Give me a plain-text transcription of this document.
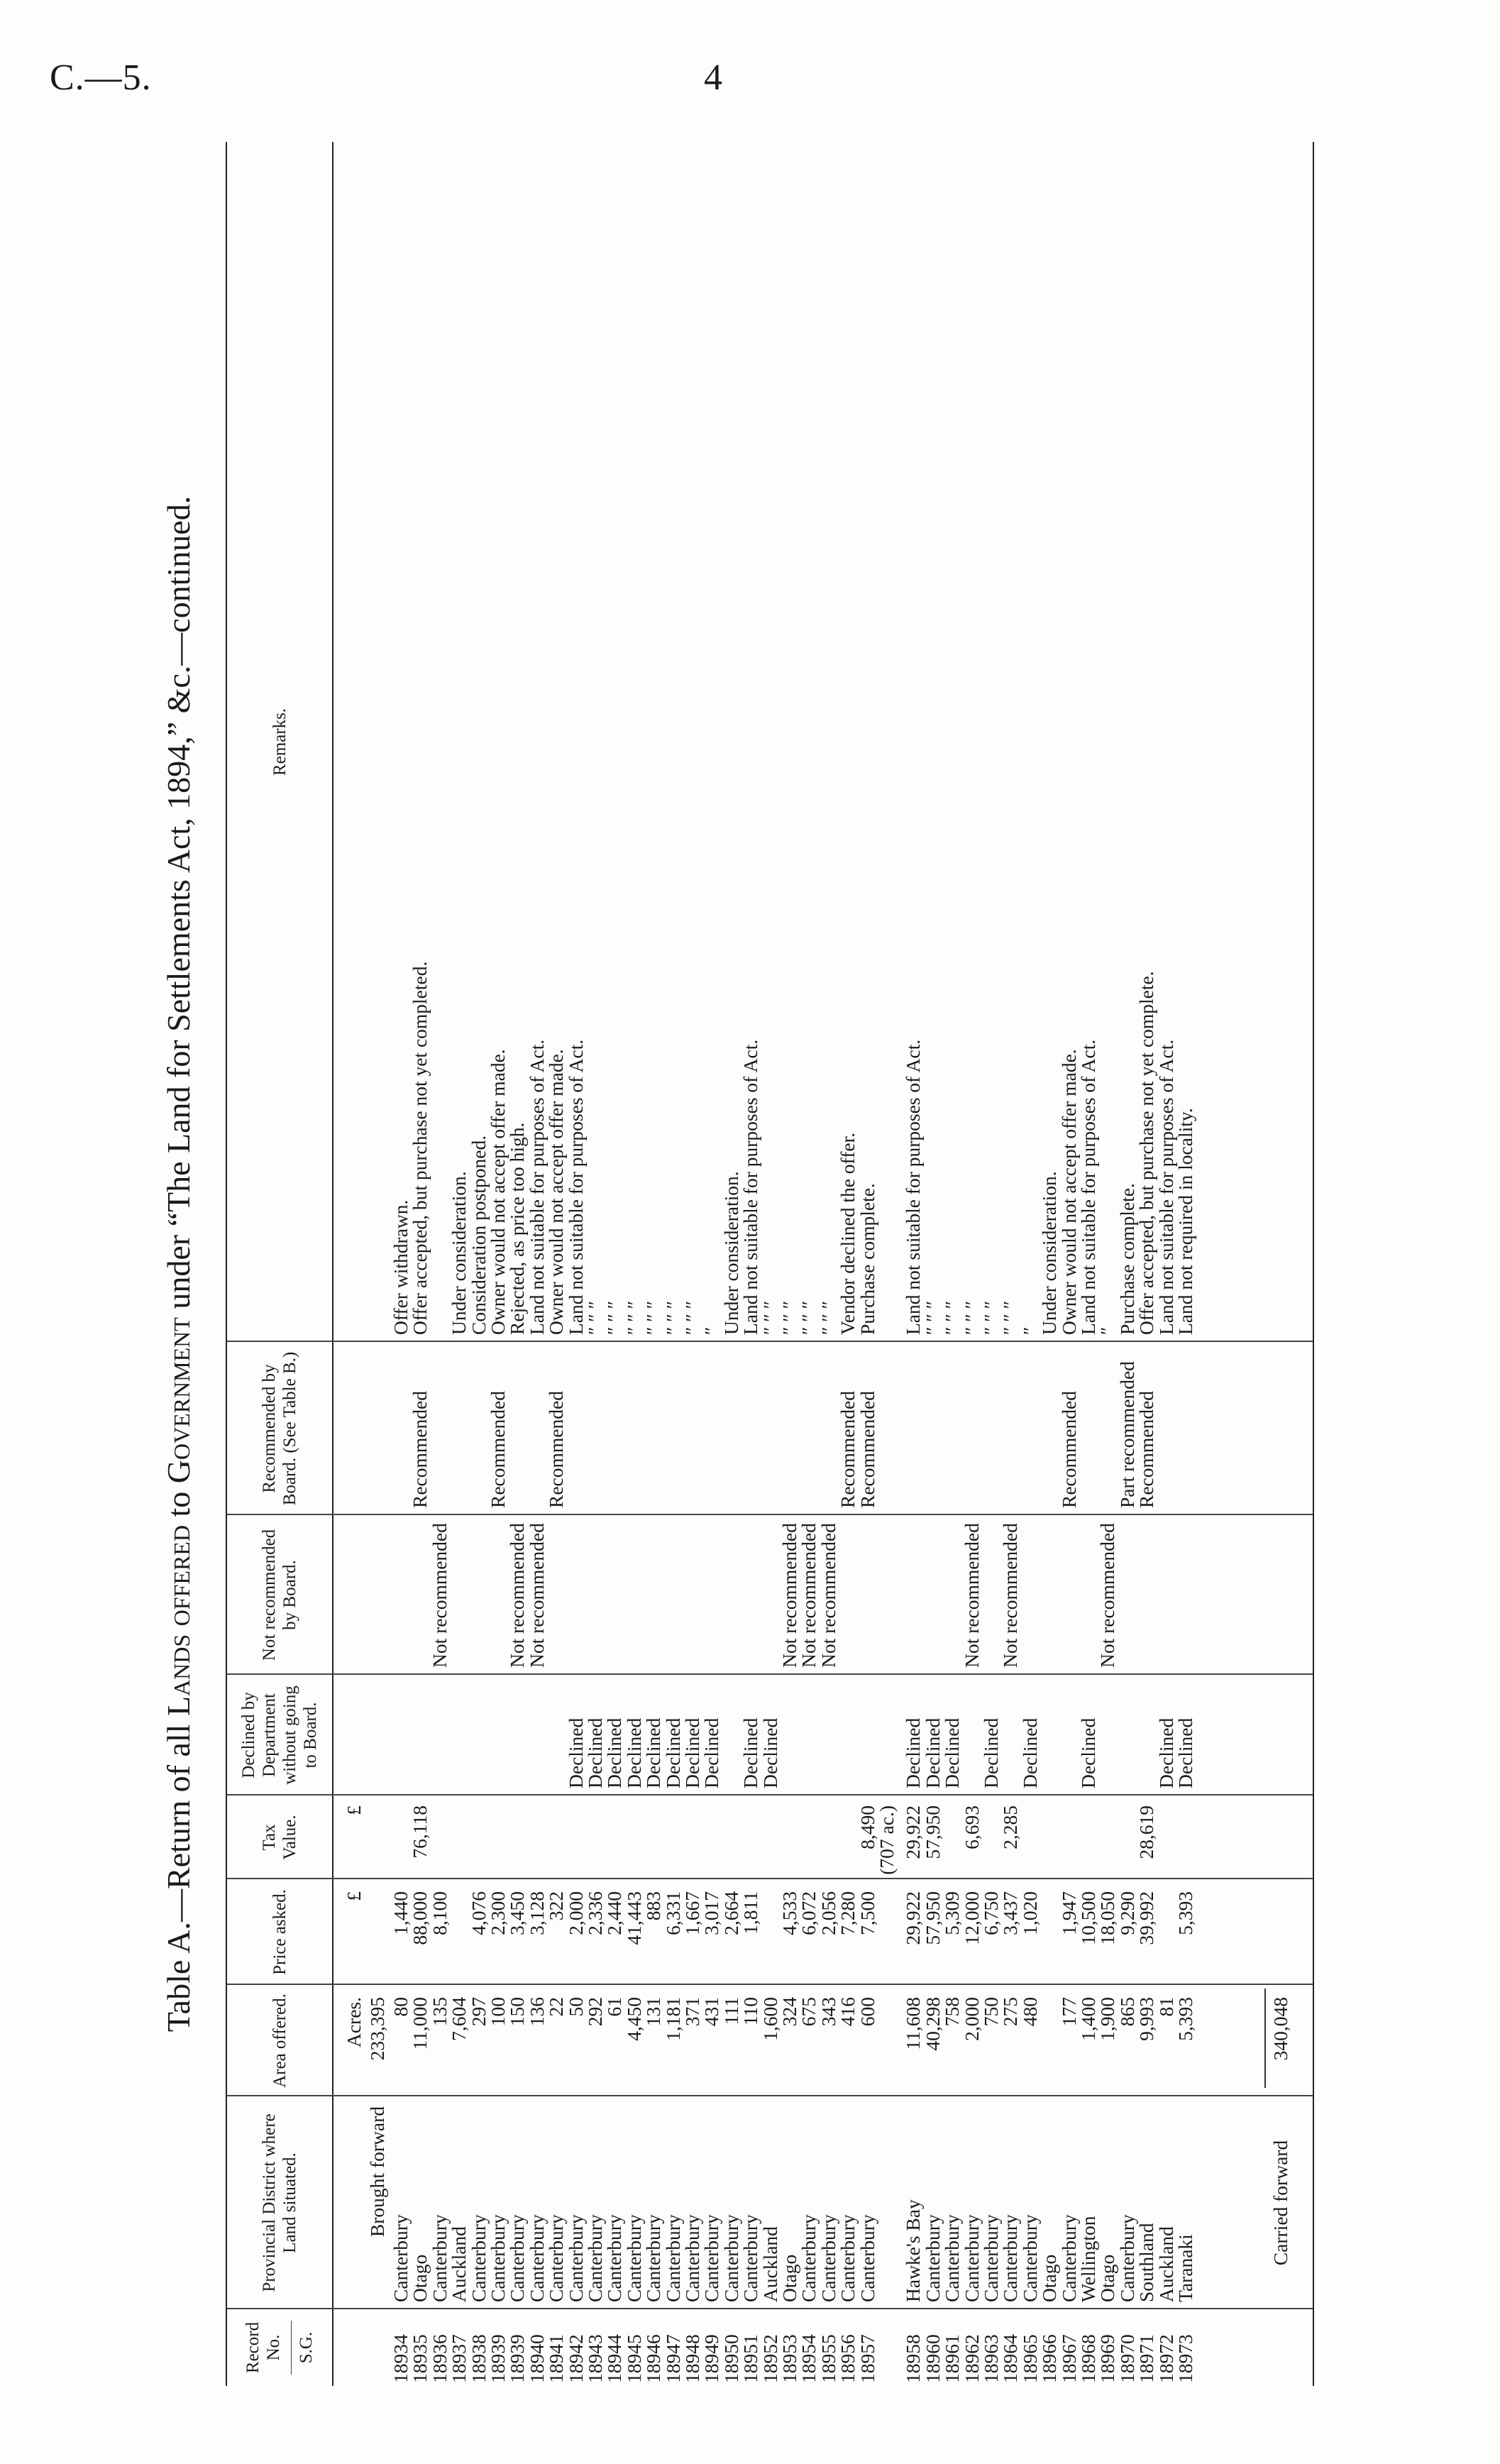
C.—5.	4
Table A.—Return of all Lands offered to Government under “The Land for Settlements Act, 1894,” &c.—continued.
Record No. S.G.
Provincial District where Land situated.
Area offered.
Price asked.
Tax Value.
Declined by Department without going to Board.
Not recommended by Board.
Recommended by Board. (See Table B.)
Remarks.
Acres.
£
£
Brought forward
233,395
18934
Canterbury
80
1,440
Offer withdrawn.
18935
Otago
11,000
88,000
76,118
Recommended
Offer accepted, but purchase not yet completed.
18936
Canterbury
135
8,100
Not recommended
18937
Auckland
7,604
Under consideration.
18938
Canterbury
297
4,076
Consideration postponed.
18939
Canterbury
100
2,300
Recommended
Owner would not accept offer made.
18939
Canterbury
150
3,450
Not recommended
Rejected, as price too high.
18940
Canterbury
136
3,128
Not recommended
Land not suitable for purposes of Act.
18941
Canterbury
22
322
Recommended
Owner would not accept offer made.
18942
Canterbury
50
2,000
Declined
Land not suitable for purposes of Act.
18943
Canterbury
292
2,336
Declined
″ ″ ″
18944
Canterbury
61
2,440
Declined
″ ″ ″
18945
Canterbury
4,450
41,443
Declined
″ ″ ″
18946
Canterbury
131
883
Declined
″ ″ ″
18947
Canterbury
1,181
6,331
Declined
″ ″ ″
18948
Canterbury
371
1,667
Declined
″ ″ ″
18949
Canterbury
431
3,017
Declined
″
18950
Canterbury
111
2,664
Under consideration.
18951
Canterbury
110
1,811
Declined
Land not suitable for purposes of Act.
18952
Auckland
1,600
Declined
″ ″ ″
18953
Otago
324
4,533
Not recommended
″ ″ ″
18954
Canterbury
675
6,072
Not recommended
″ ″ ″
18955
Canterbury
343
2,056
Not recommended
″ ″ ″
18956
Canterbury
416
7,280
Recommended
Vendor declined the offer.
18957
Canterbury
600
7,500
8,490
Recommended
Purchase complete.
(707 ac.)
18958
Hawke's Bay
11,608
29,922
29,922
Declined
Land not suitable for purposes of Act.
18960
Canterbury
40,298
57,950
57,950
Declined
″ ″ ″
18961
Canterbury
758
5,309
Declined
″ ″ ″
18962
Canterbury
2,000
12,000
6,693
Not recommended
″ ″ ″
18963
Canterbury
750
6,750
Declined
″ ″ ″
18964
Canterbury
275
3,437
2,285
Not recommended
″ ″ ″
18965
Canterbury
480
1,020
Declined
″
18966
Otago
Under consideration.
18967
Canterbury
177
1,947
Recommended
Owner would not accept offer made.
18968
Wellington
1,400
10,500
Declined
Land not suitable for purposes of Act.
18969
Otago
1,900
18,050
Not recommended
″
18970
Canterbury
865
9,290
Part recommended
Purchase complete.
18971
Southland
9,993
39,992
28,619
Recommended
Offer accepted, but purchase not yet complete.
18972
Auckland
81
Declined
Land not suitable for purposes of Act.
18973
Taranaki
5,393
5,393
Declined
Land not required in locality.
Carried forward
340,048
